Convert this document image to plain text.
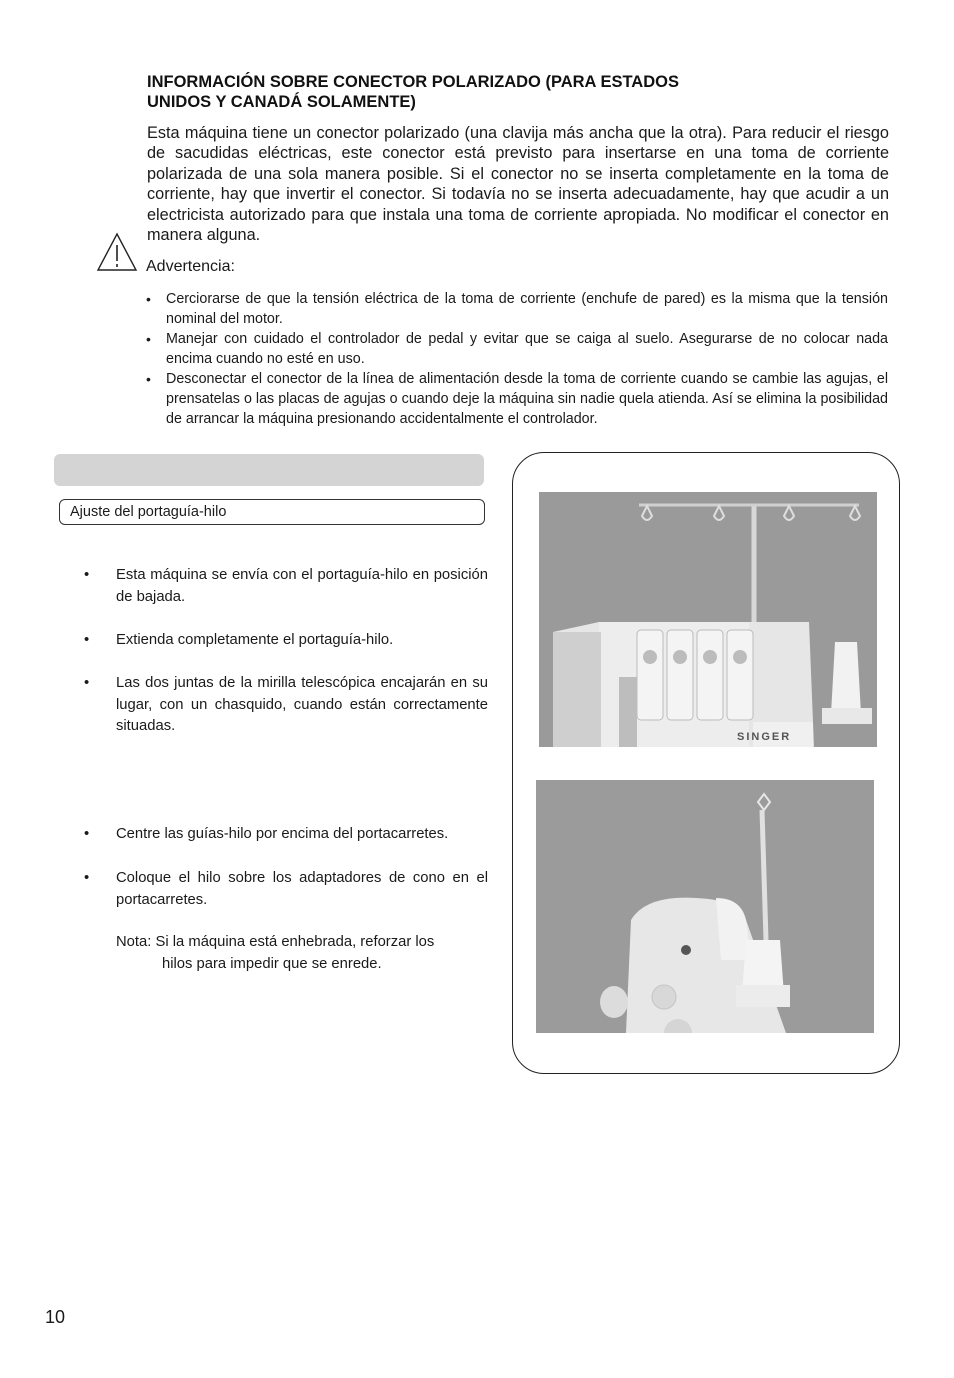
INFORMACIÓN SOBRE CONECTOR POLARIZADO (PARA ESTADOS
UNIDOS Y CANADÁ SOLAMENTE)
Esta máquina tiene un conector polarizado (una clavija más ancha que la otra). Para reducir el riesgo de sacudidas eléctricas, este conector está previsto para insertarse en una toma de corriente polarizada de una sola manera posible. Si el conector no se inserta completamente en la toma de corriente, hay que invertir el conector. Si todavía no se inserta adecuadamente, hay que acudir a un electricista autorizado para que instala una toma de corriente apropiada. No modificar el conector en manera alguna.
Advertencia:
• Cerciorarse de que la tensión eléctrica de la toma de corriente (enchufe de pared) es la misma que la tensión nominal del motor.
• Manejar con cuidado el controlador de pedal y evitar que se caiga al suelo. Asegurarse de no colocar nada encima cuando no esté en uso.
• Desconectar el conector de la línea de alimentación desde la toma de corriente cuando se cambie las agujas, el prensatelas o las placas de agujas o cuando deje la máquina sin nadie quela atienda. Así se elimina la posibilidad de arrancar la máquina presionando accidentalmente el controlador.
Ajuste del portaguía-hilo
• Esta máquina se envía con el portaguía-hilo en posición de bajada.
• Extienda completamente el portaguía-hilo.
• Las dos juntas de la mirilla telescópica encajarán en su lugar, con un chasquido, cuando están correctamente situadas.
• Centre las guías-hilo por encima del portacarretes.
• Coloque el hilo sobre los adaptadores de cono en el portacarretes.
Nota: Si la máquina está enhebrada, reforzar los
hilos para impedir que se enrede.
SINGER
10
